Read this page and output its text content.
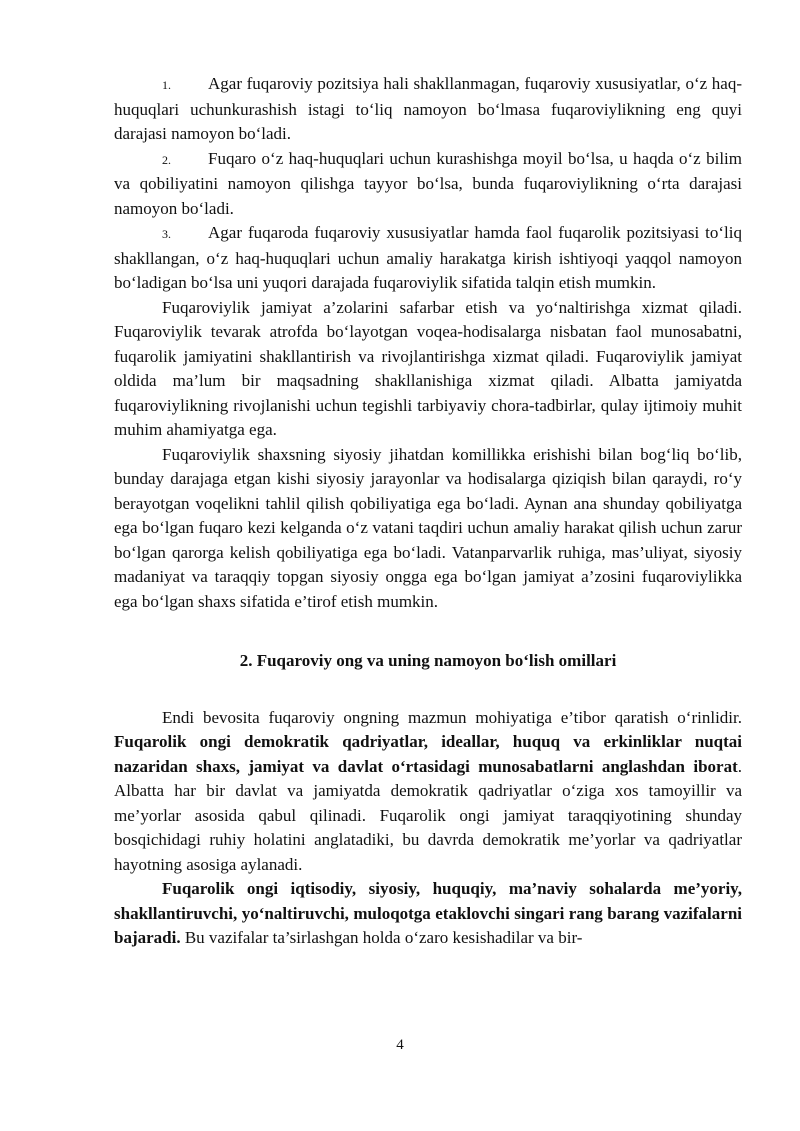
1. Agar fuqaroviy pozitsiya hali shakllanmagan, fuqaroviy xususiyatlar, o‘z haq-huquqlari uchunkurashish istagi to‘liq namoyon bo‘lmasa fuqaroviylikning eng quyi darajasi namoyon bo‘ladi.

2. Fuqaro o‘z haq-huquqlari uchun kurashishga moyil bo‘lsa, u haqda o‘z bilim va qobiliyatini namoyon qilishga tayyor bo‘lsa, bunda fuqaroviylikning o‘rta darajasi namoyon bo‘ladi.

3. Agar fuqaroda fuqaroviy xususiyatlar hamda faol fuqarolik pozitsiyasi to‘liq shakllangan, o‘z haq-huquqlari uchun amaliy harakatga kirish ishtiyoqi yaqqol namoyon bo‘ladigan bo‘lsa uni yuqori darajada fuqaroviylik sifatida talqin etish mumkin.

Fuqaroviylik jamiyat a’zolarini safarbar etish va yo‘naltirishga xizmat qiladi. Fuqaroviylik tevarak atrofda bo‘layotgan voqea-hodisalarga nisbatan faol munosabatni, fuqarolik jamiyatini shakllantirish va rivojlantirishga xizmat qiladi. Fuqaroviylik jamiyat oldida ma’lum bir maqsadning shakllanishiga xizmat qiladi. Albatta jamiyatda fuqaroviylikning rivojlanishi uchun tegishli tarbiyaviy chora-tadbirlar, qulay ijtimoiy muhit muhim ahamiyatga ega.

Fuqaroviylik shaxsning siyosiy jihatdan komillikka erishishi bilan bog‘liq bo‘lib, bunday darajaga etgan kishi siyosiy jarayonlar va hodisalarga qiziqish bilan qaraydi, ro‘y berayotgan voqelikni tahlil qilish qobiliyatiga ega bo‘ladi. Aynan ana shunday qobiliyatga ega bo‘lgan fuqaro kezi kelganda o‘z vatani taqdiri uchun amaliy harakat qilish uchun zarur bo‘lgan qarorga kelish qobiliyatiga ega bo‘ladi. Vatanparvarlik ruhiga, mas’uliyat, siyosiy madaniyat va taraqqiy topgan siyosiy ongga ega bo‘lgan jamiyat a’zosini fuqaroviylikka ega bo‘lgan shaxs sifatida e’tirof etish mumkin.

2. Fuqaroviy ong va uning namoyon bo‘lish omillari

Endi bevosita fuqaroviy ongning mazmun mohiyatiga e’tibor qaratish o‘rinlidir. Fuqarolik ongi demokratik qadriyatlar, ideallar, huquq va erkinliklar nuqtai nazaridan shaxs, jamiyat va davlat o‘rtasidagi munosabatlarni anglashdan iborat. Albatta har bir davlat va jamiyatda demokratik qadriyatlar o‘ziga xos tamoyillir va me’yorlar asosida qabul qilinadi. Fuqarolik ongi jamiyat taraqqiyotining shunday bosqichidagi ruhiy holatini anglatadiki, bu davrda demokratik me’yorlar va qadriyatlar hayotning asosiga aylanadi.

Fuqarolik ongi iqtisodiy, siyosiy, huquqiy, ma’naviy sohalarda me’yoriy, shakllantiruvchi, yo‘naltiruvchi, muloqotga etaklovchi singari rang barang vazifalarni bajaradi. Bu vazifalar ta’sirlashgan holda o‘zaro kesishadilar va bir-

4
